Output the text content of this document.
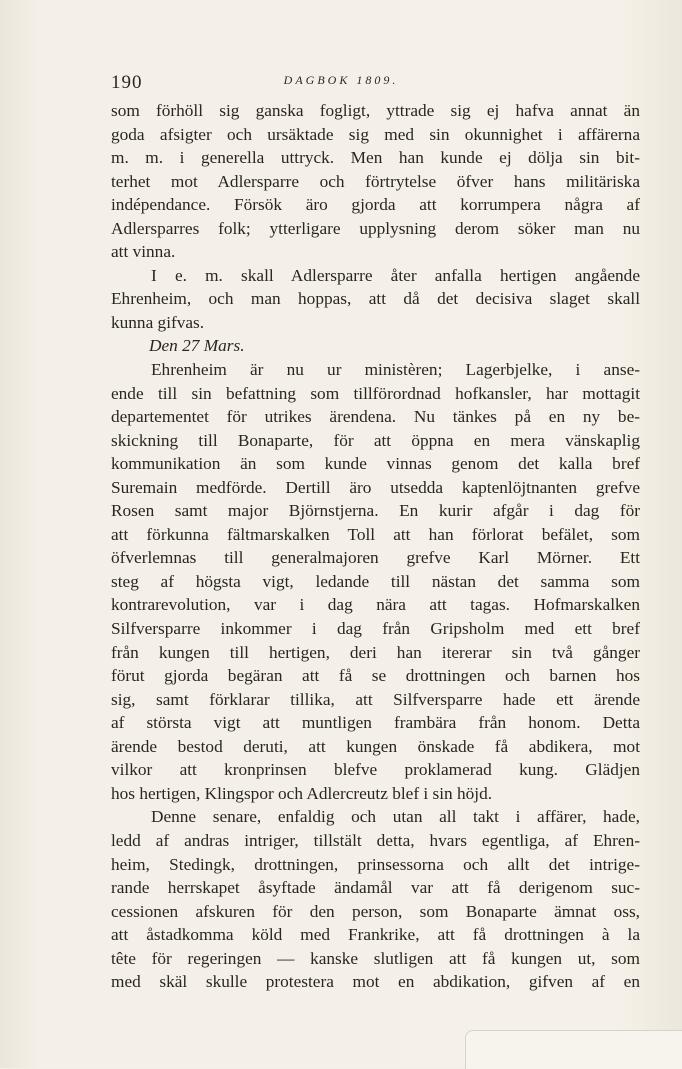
190	DAGBOK 1809.
som förhöll sig ganska fogligt, yttrade sig ej hafva annat än
goda afsigter och ursäktade sig med sin okunnighet i affärerna
m. m. i generella uttryck. Men han kunde ej dölja sin bit-
terhet mot Adlersparre och förtrytelse öfver hans militäriska
indépendance. Försök äro gjorda att korrumpera några af
Adlersparres folk; ytterligare upplysning derom söker man nu
att vinna.
I e. m. skall Adlersparre åter anfalla hertigen angående
Ehrenheim, och man hoppas, att då det decisiva slaget skall
kunna gifvas.
Den 27 Mars.
Ehrenheim är nu ur ministèren; Lagerbjelke, i anse-
ende till sin befattning som tillförordnad hofkansler, har mottagit
departementet för utrikes ärendena. Nu tänkes på en ny be-
skickning till Bonaparte, för att öppna en mera vänskaplig
kommunikation än som kunde vinnas genom det kalla bref
Suremain medförde. Dertill äro utsedda kaptenlöjtnanten grefve
Rosen samt major Björnstjerna. En kurir afgår i dag för
att förkunna fältmarskalken Toll att han förlorat befälet, som
öfverlemnas till generalmajoren grefve Karl Mörner. Ett
steg af högsta vigt, ledande till nästan det samma som
kontrarevolution, var i dag nära att tagas. Hofmarskalken
Silfversparre inkommer i dag från Gripsholm med ett bref
från kungen till hertigen, deri han itererar sin två gånger
förut gjorda begäran att få se drottningen och barnen hos
sig, samt förklarar tillika, att Silfversparre hade ett ärende
af största vigt att muntligen frambära från honom. Detta
ärende bestod deruti, att kungen önskade få abdikera, mot
vilkor att kronprinsen blefve proklamerad kung. Glädjen
hos hertigen, Klingspor och Adlercreutz blef i sin höjd.
Denne senare, enfaldig och utan all takt i affärer, hade,
ledd af andras intriger, tillstält detta, hvars egentliga, af Ehren-
heim, Stedingk, drottningen, prinsessorna och allt det intrige-
rande herrskapet åsyftade ändamål var att få derigenom suc-
cessionen afskuren för den person, som Bonaparte ämnat oss,
att åstadkomma köld med Frankrike, att få drottningen à la
tête för regeringen — kanske slutligen att få kungen ut, som
med skäl skulle protestera mot en abdikation, gifven af en
